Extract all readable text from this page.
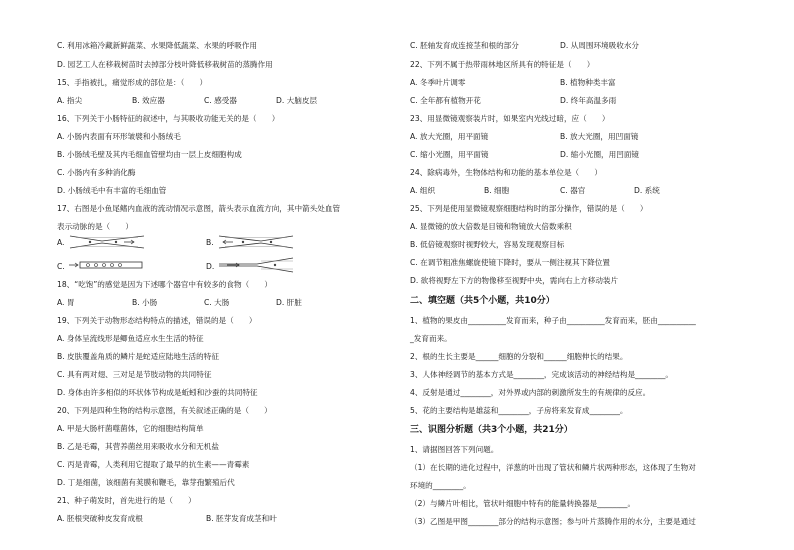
C. 利用冰箱冷藏新鲜蔬菜、水果降低蔬菜、水果的呼吸作用
D. 园艺工人在移栽树苗时去掉部分枝叶降低移栽树苗的蒸腾作用
15、手指被扎，痛觉形成的部位是：（　　）
A. 指尖	B. 效应器	C. 感受器	D. 大脑皮层
16、下列关于小肠特征的叙述中，与其吸收功能无关的是（　　）
A. 小肠内表面有环形皱襞和小肠绒毛
B. 小肠绒毛壁及其内毛细血管壁均由一层上皮细胞构成
C. 小肠内有多种消化酶
D. 小肠绒毛中有丰富的毛细血管
17、右图是小鱼尾鳍内血液的流动情况示意图，箭头表示血流方向，其中箭头处血管
表示动脉的是（　　）
A.	B.
C.	D.
18、“吃饱”的感觉是因为下述哪个器官中有较多的食物（　　）
A. 胃	B. 小肠	C. 大肠	D. 肝脏
19、下列关于动物形态结构特点的描述，错误的是（　　）
A. 身体呈流线形是鲫鱼适应水生生活的特征
B. 皮肤覆盖角质的鳞片是蛇适应陆地生活的特征
C. 具有两对翅、三对足是节肢动物的共同特征
D. 身体由许多相似的环状体节构成是蚯蚓和沙蚕的共同特征
20、下列是四种生物的结构示意图，有关叙述正确的是（　　）
A. 甲是大肠杆菌噬菌体，它的细胞结构简单
B. 乙是毛霉，其营养菌丝用来吸收水分和无机盐
C. 丙是青霉，人类利用它提取了最早的抗生素——青霉素
D. 丁是细菌，该细菌有荚膜和鞭毛，靠芽孢繁殖后代
21、种子萌发时，首先进行的是（　　）
A. 胚根突破种皮发育成根	B. 胚芽发育成茎和叶
C. 胚轴发育成连接茎和根的部分	D. 从周围环境吸收水分
22、下列不属于热带雨林地区所具有的特征是（　　）
A. 冬季叶片调零	B. 植物种类丰富
C. 全年都有植物开花	D. 终年高温多雨
23、用显微镜观察装片时，如果室内光线过暗，应（　　）
A. 放大光圈，用平面镜	B. 放大光圈，用凹面镜
C. 缩小光圈，用平面镜	D. 缩小光圈，用凹面镜
24、除病毒外，生物体结构和功能的基本单位是（　　）
A. 组织	B. 细胞	C. 器官	D. 系统
25、下列是使用显微镜观察细胞结构时的部分操作，错误的是（　　）
A. 显微镜的放大倍数是目镜和物镜放大倍数乘积
B. 低倍镜观察时视野较大，容易发现观察目标
C. 在调节粗准焦螺旋使镜下降时，要从一侧注视其下降位置
D. 欲将视野左下方的物像移至视野中央，需向右上方移动装片
二、填空题（共5个小题，共10分）
1、植物的果皮由__________发育而来，种子由__________发育而来，胚由__________
_发育而来。
2、根的生长主要是______细胞的分裂和______细胞伸长的结果。
3、人体神经调节的基本方式是________，完成该活动的神经结构是________。
4、反射是通过________，对外界或内部的刺激所发生的有规律的反应。
5、花的主要结构是雄蕊和________，子房将来发育成________。
三、识图分析题（共3个小题，共21分）
1、请据图回答下列问题。
（1）在长期的进化过程中，洋葱的叶出现了管状和鳞片状两种形态，这体现了生物对
环境的________。
（2）与鳞片叶相比，管状叶细胞中特有的能量转换器是________。
（3）乙图是甲图________部分的结构示意图；参与叶片蒸腾作用的水分，主要是通过
